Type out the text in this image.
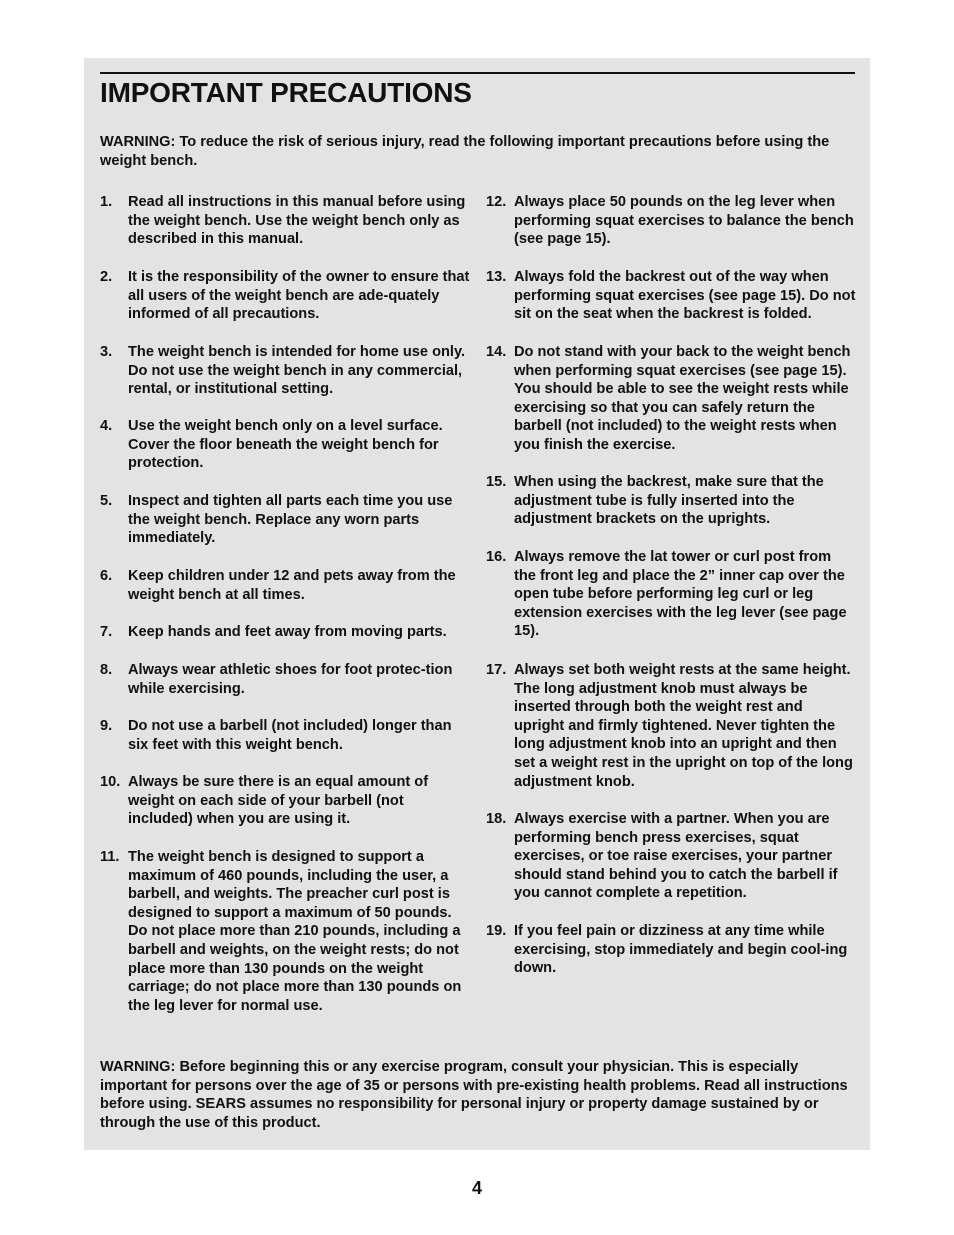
IMPORTANT PRECAUTIONS

WARNING: To reduce the risk of serious injury, read the following important precautions before using the weight bench.

1. Read all instructions in this manual before using the weight bench. Use the weight bench only as described in this manual.
2. It is the responsibility of the owner to ensure that all users of the weight bench are ade-quately informed of all precautions.
3. The weight bench is intended for home use only. Do not use the weight bench in any commercial, rental, or institutional setting.
4. Use the weight bench only on a level surface. Cover the floor beneath the weight bench for protection.
5. Inspect and tighten all parts each time you use the weight bench. Replace any worn parts immediately.
6. Keep children under 12 and pets away from the weight bench at all times.
7. Keep hands and feet away from moving parts.
8. Always wear athletic shoes for foot protec-tion while exercising.
9. Do not use a barbell (not included) longer than six feet with this weight bench.
10. Always be sure there is an equal amount of weight on each side of your barbell (not included) when you are using it.
11. The weight bench is designed to support a maximum of 460 pounds, including the user, a barbell, and weights. The preacher curl post is designed to support a maximum of 50 pounds. Do not place more than 210 pounds, including a barbell and weights, on the weight rests; do not place more than 130 pounds on the weight carriage; do not place more than 130 pounds on the leg lever for normal use.
12. Always place 50 pounds on the leg lever when performing squat exercises to balance the bench (see page 15).
13. Always fold the backrest out of the way when performing squat exercises (see page 15). Do not sit on the seat when the backrest is folded.
14. Do not stand with your back to the weight bench when performing squat exercises (see page 15). You should be able to see the weight rests while exercising so that you can safely return the barbell (not included) to the weight rests when you finish the exercise.
15. When using the backrest, make sure that the adjustment tube is fully inserted into the adjustment brackets on the uprights.
16. Always remove the lat tower or curl post from the front leg and place the 2” inner cap over the open tube before performing leg curl or leg extension exercises with the leg lever (see page 15).
17. Always set both weight rests at the same height. The long adjustment knob must always be inserted through both the weight rest and upright and firmly tightened. Never tighten the long adjustment knob into an upright and then set a weight rest in the upright on top of the long adjustment knob.
18. Always exercise with a partner. When you are performing bench press exercises, squat exercises, or toe raise exercises, your partner should stand behind you to catch the barbell if you cannot complete a repetition.
19. If you feel pain or dizziness at any time while exercising, stop immediately and begin cool-ing down.

WARNING: Before beginning this or any exercise program, consult your physician. This is especially important for persons over the age of 35 or persons with pre-existing health problems. Read all instructions before using. SEARS assumes no responsibility for personal injury or property damage sustained by or through the use of this product.

4
